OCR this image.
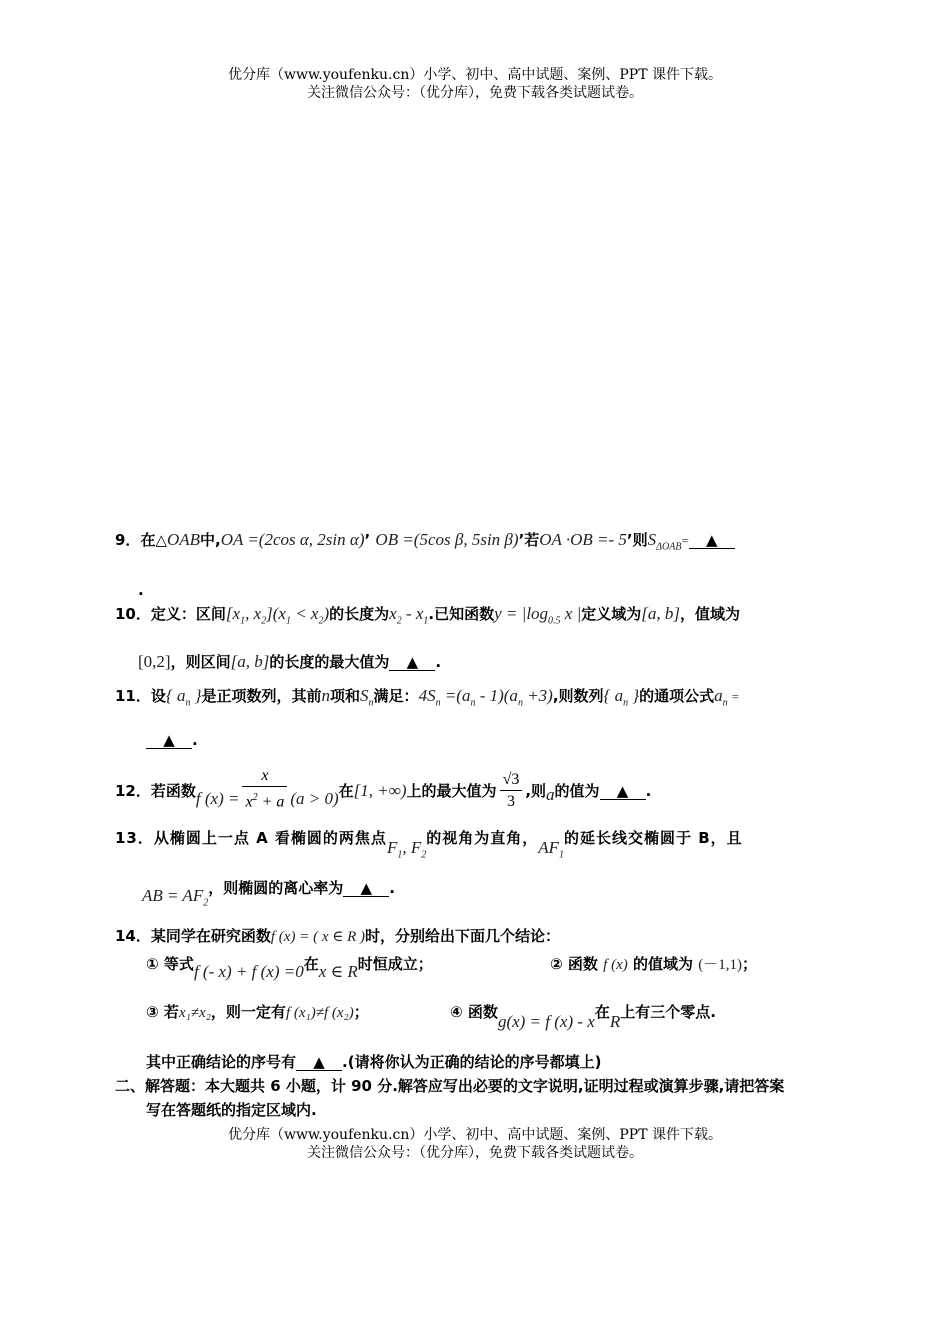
优分库（www.youfenku.cn）小学、初中、高中试题、案例、PPT 课件下载。
关注微信公众号：（优分库），免费下载各类试题试卷。
9．在△OAB中,OA =(2cos α, 2sin α)’ OB =(5cos β, 5sin β)’若OA ·OB =- 5’则$S_{\Delta OAB}=$ ▲
.
10．定义：区间[$x_1$, $x_2](x_1 < x_2)$的长度为$x_2 - x_1$.已知函数$y = |\log_{0.5}$ x |定义域为[a, b]，值域为
[0,2]，则区间[a, b]的长度的最大值为 ▲ .
11．设{ $a_n$ }是正项数列，其前n项和$S_n$满足：$4S_n =(a_n - 1)(a_n +3)$,则数列{ $a_n$ }的通项公式$a_n$ =
▲ .
12．若函数f $(x) = \frac{x}{x^2 + a} (a > 0)$在[1, +∞)上的最大值为 $\frac{√3}{3}$ ,则a的值为 ▲ .
13．从椭圆上一点 A 看椭圆的两焦点$F_1$, $F_2$的视角为直角，$AF_1$的延长线交椭圆于 B，且
AB = $AF_2$，则椭圆的离心率为 ▲ .
14．某同学在研究函数f (x) = ( x ∈ R )时，分别给出下面几个结论：
① 等式f (- x) + f (x) =0在x ∈ R时恒成立；	② 函数 f (x) 的值域为 (－1,1)；
③ 若x₁≠x₂，则一定有f (x₁)≠f (x₂)；	④ 函数g(x) = f (x) - x在R上有三个零点.
其中正确结论的序号有 ▲ .(请将你认为正确的结论的序号都填上)
二、解答题：本大题共 6 小题，计 90 分.解答应写出必要的文字说明,证明过程或演算步骤,请把答案
写在答题纸的指定区域内.
优分库（www.youfenku.cn）小学、初中、高中试题、案例、PPT 课件下载。
关注微信公众号：（优分库），免费下载各类试题试卷。
